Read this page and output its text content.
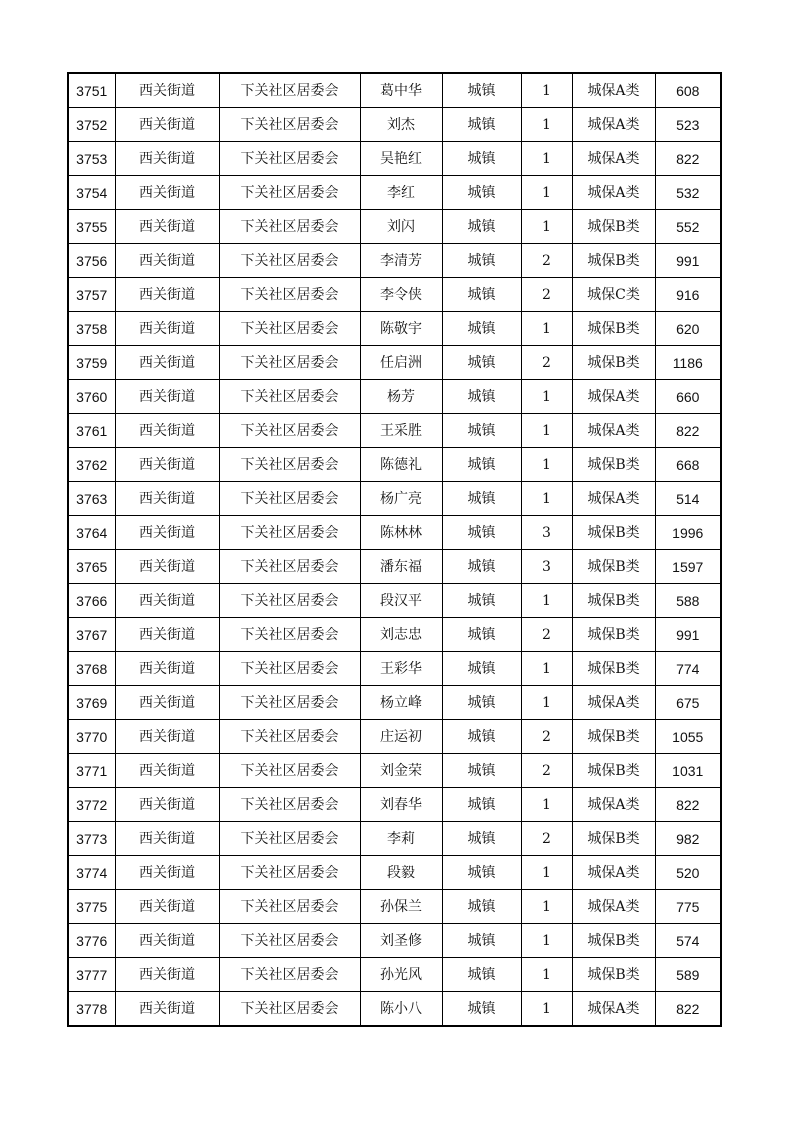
3751	西关街道	下关社区居委会	葛中华	城镇	1	城保A类	608
3752	西关街道	下关社区居委会	刘杰	城镇	1	城保A类	523
3753	西关街道	下关社区居委会	吴艳红	城镇	1	城保A类	822
3754	西关街道	下关社区居委会	李红	城镇	1	城保A类	532
3755	西关街道	下关社区居委会	刘闪	城镇	1	城保B类	552
3756	西关街道	下关社区居委会	李清芳	城镇	2	城保B类	991
3757	西关街道	下关社区居委会	李令侠	城镇	2	城保C类	916
3758	西关街道	下关社区居委会	陈敬宇	城镇	1	城保B类	620
3759	西关街道	下关社区居委会	任启洲	城镇	2	城保B类	1186
3760	西关街道	下关社区居委会	杨芳	城镇	1	城保A类	660
3761	西关街道	下关社区居委会	王采胜	城镇	1	城保A类	822
3762	西关街道	下关社区居委会	陈德礼	城镇	1	城保B类	668
3763	西关街道	下关社区居委会	杨广亮	城镇	1	城保A类	514
3764	西关街道	下关社区居委会	陈林林	城镇	3	城保B类	1996
3765	西关街道	下关社区居委会	潘东福	城镇	3	城保B类	1597
3766	西关街道	下关社区居委会	段汉平	城镇	1	城保B类	588
3767	西关街道	下关社区居委会	刘志忠	城镇	2	城保B类	991
3768	西关街道	下关社区居委会	王彩华	城镇	1	城保B类	774
3769	西关街道	下关社区居委会	杨立峰	城镇	1	城保A类	675
3770	西关街道	下关社区居委会	庄运初	城镇	2	城保B类	1055
3771	西关街道	下关社区居委会	刘金荣	城镇	2	城保B类	1031
3772	西关街道	下关社区居委会	刘春华	城镇	1	城保A类	822
3773	西关街道	下关社区居委会	李莉	城镇	2	城保B类	982
3774	西关街道	下关社区居委会	段毅	城镇	1	城保A类	520
3775	西关街道	下关社区居委会	孙保兰	城镇	1	城保A类	775
3776	西关街道	下关社区居委会	刘圣修	城镇	1	城保B类	574
3777	西关街道	下关社区居委会	孙光风	城镇	1	城保B类	589
3778	西关街道	下关社区居委会	陈小八	城镇	1	城保A类	822
